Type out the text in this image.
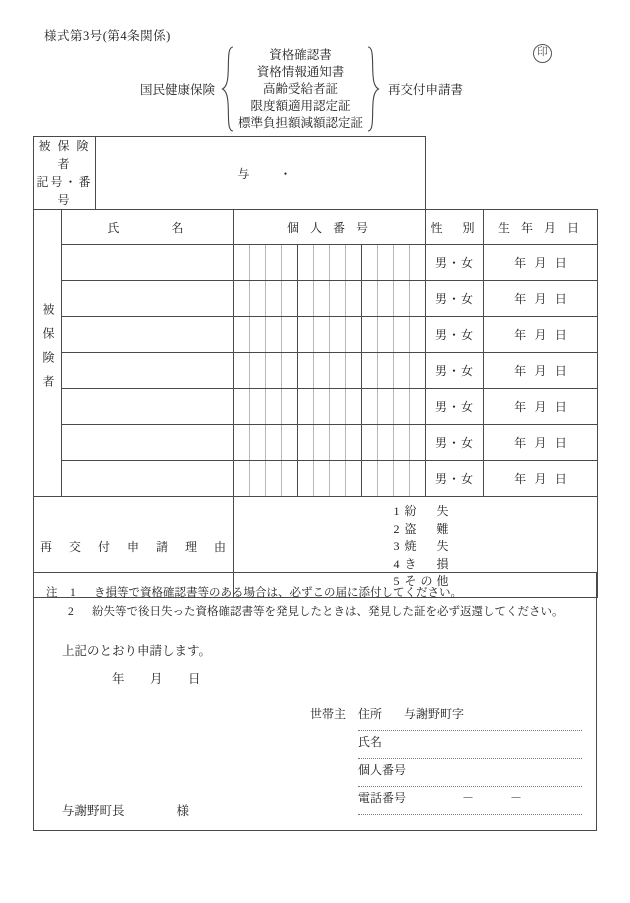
様式第3号(第4条関係)
印
国民健康保険
資格確認書
資格情報通知書
高齢受給者証
限度額適用認定証
標準負担額減額認定証
再交付申請書
被 保 険 者
記号・番号		与　　・			
被保険者	氏　　　名		個 人 番 号	性　別	生 年 月 日

			男・女	年 月 日

			男・女	年 月 日

			男・女	年 月 日

			男・女	年 月 日

			男・女	年 月 日

			男・女	年 月 日

			男・女	年 月 日

再 交 付 申 請 理 由			1 紛　失
2 盗　難
3 焼　失
4 き　損
5 その他		
注 1 き損等で資格確認書等のある場合は、必ずこの届に添付してください。
2 紛失等で後日失った資格確認書等を発見したときは、発見した証を必ず返還してください。
上記のとおり申請します。
年 月 日
世帯主 住所 与謝野町字
氏名
個人番号
電話番号	－	－
与謝野町長	様
